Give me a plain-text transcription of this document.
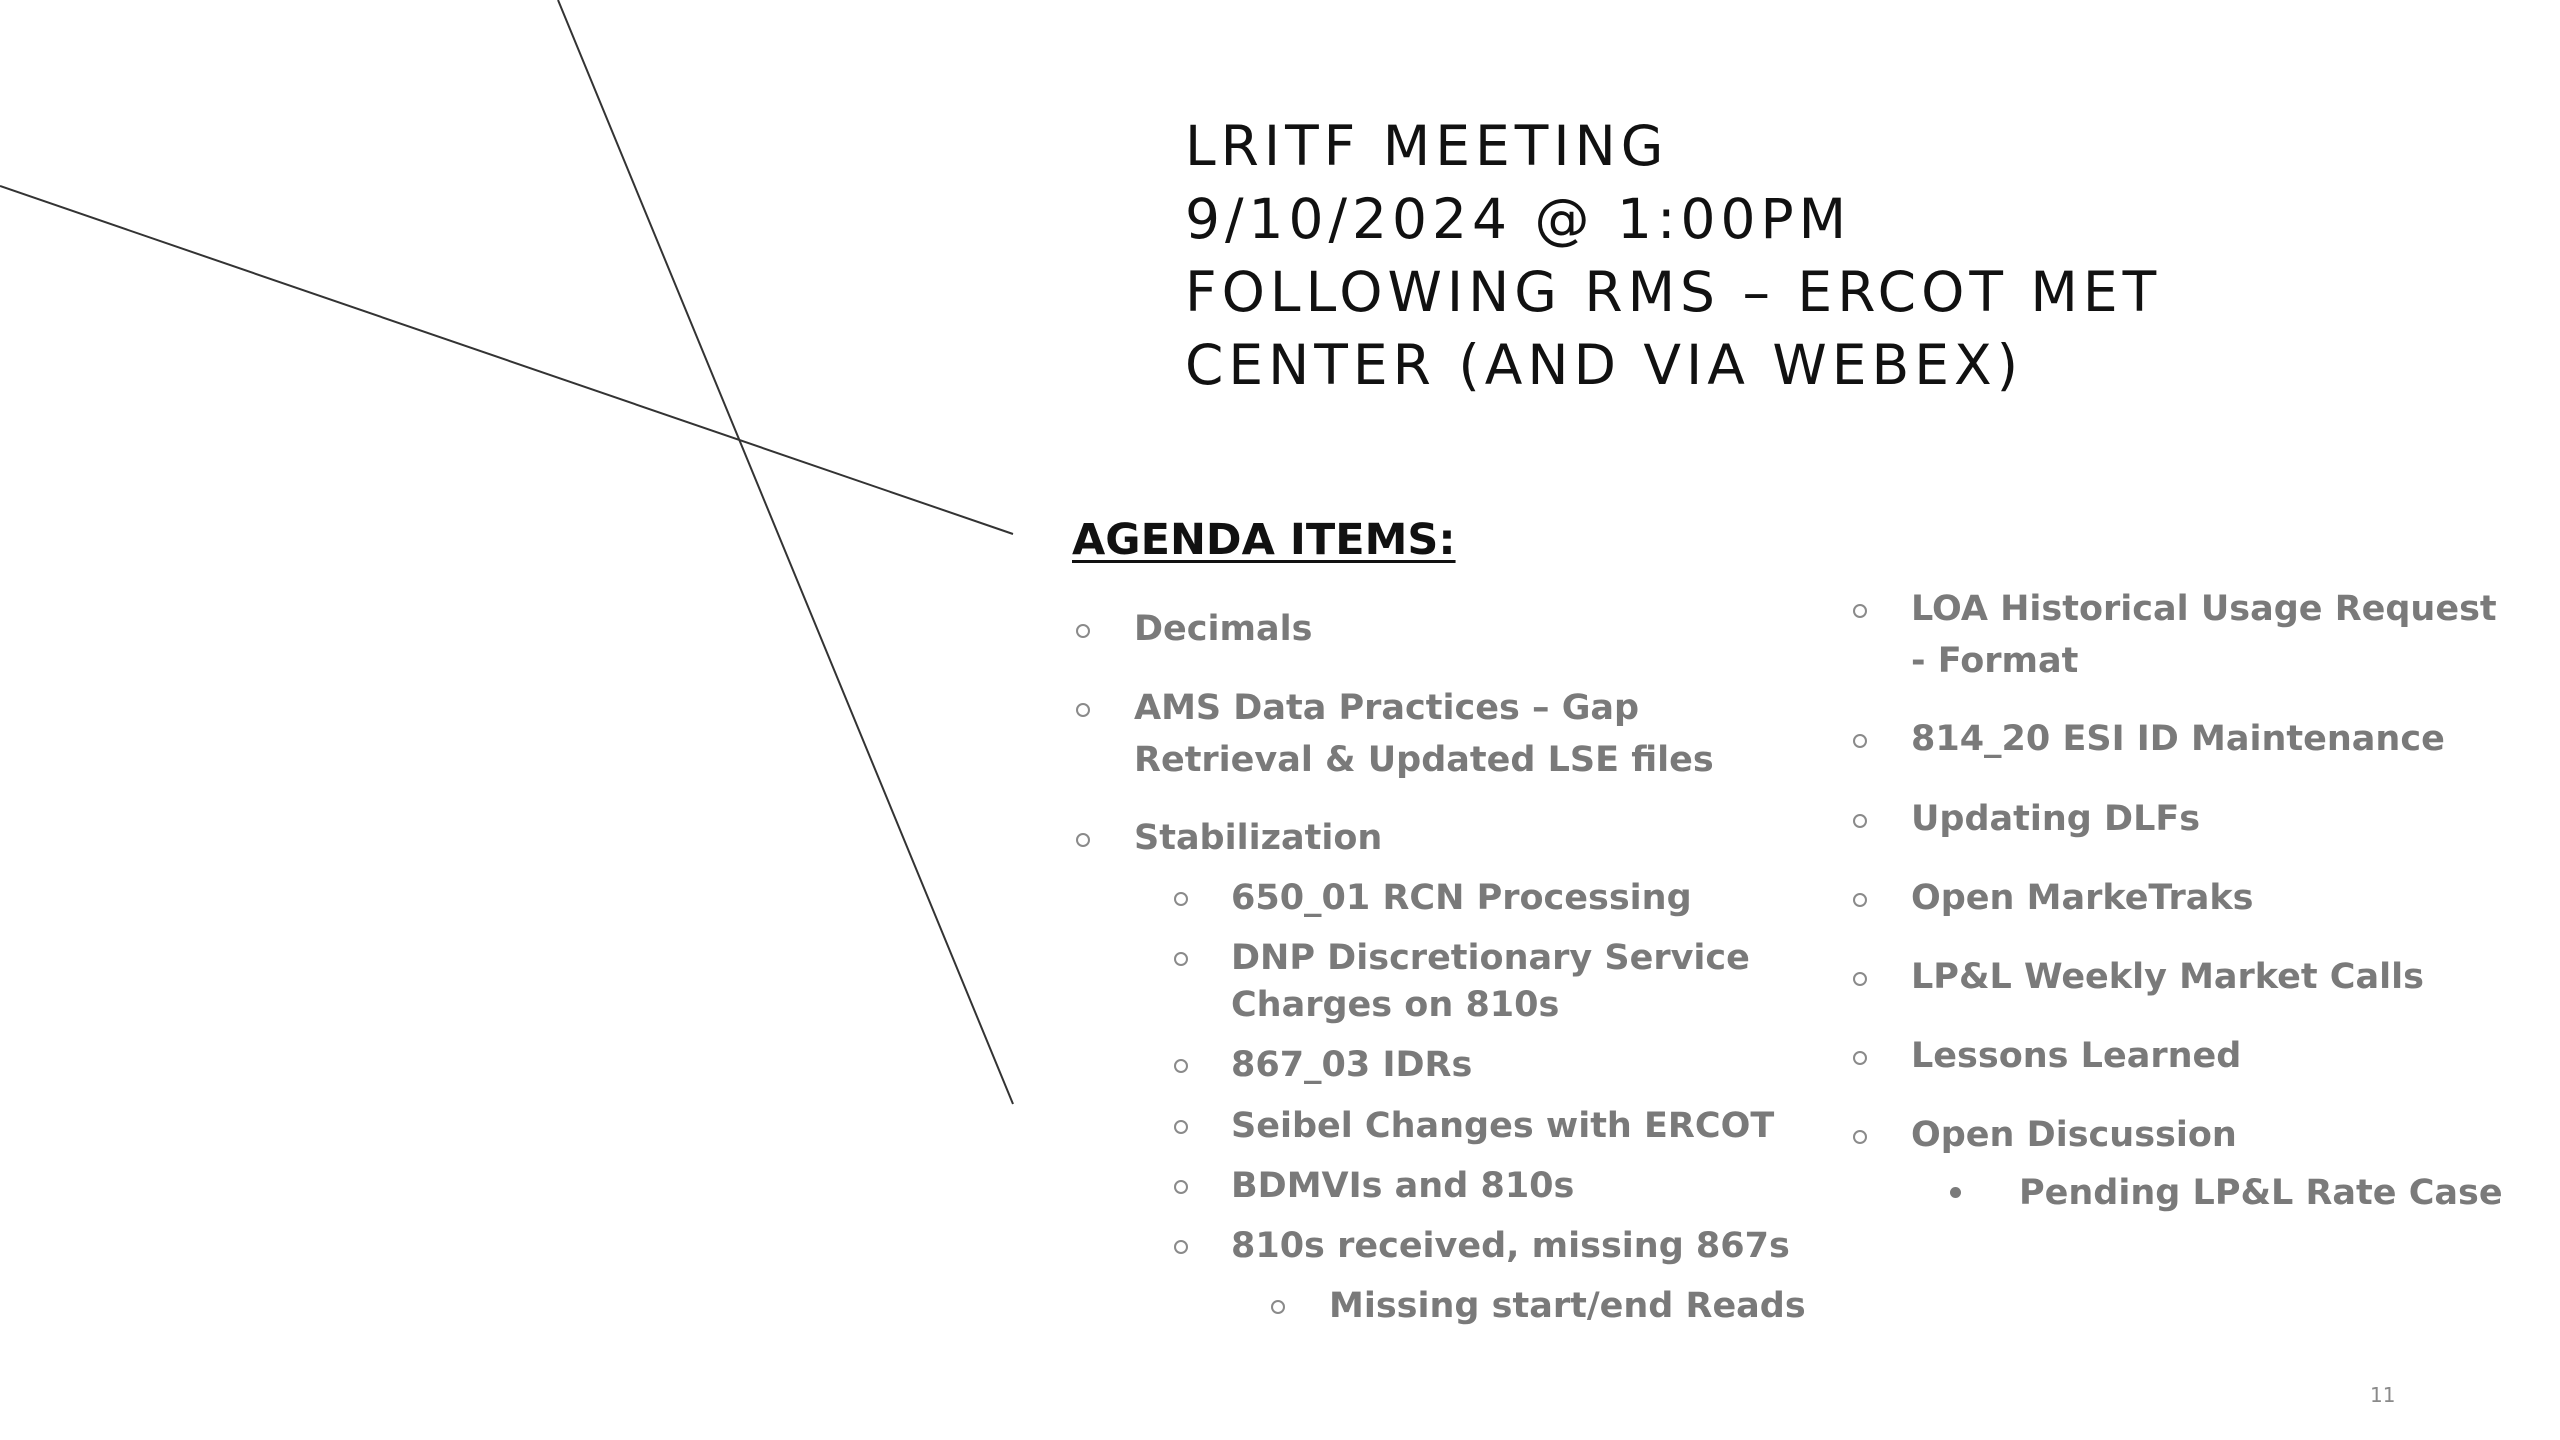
LRITF MEETING
9/10/2024 @ 1:00PM
FOLLOWING RMS – ERCOT MET
CENTER (AND VIA WEBEX)
AGENDA ITEMS:
Decimals
AMS Data Practices – Gap
Retrieval & Updated LSE files
Stabilization
650_01 RCN Processing
DNP Discretionary Service
Charges on 810s
867_03 IDRs
Seibel Changes with ERCOT
BDMVIs and 810s
810s received, missing 867s
Missing start/end Reads
LOA Historical Usage Request
- Format
814_20 ESI ID Maintenance
Updating DLFs
Open MarkeTraks
LP&L Weekly Market Calls
Lessons Learned
Open Discussion
Pending LP&L Rate Case
11
